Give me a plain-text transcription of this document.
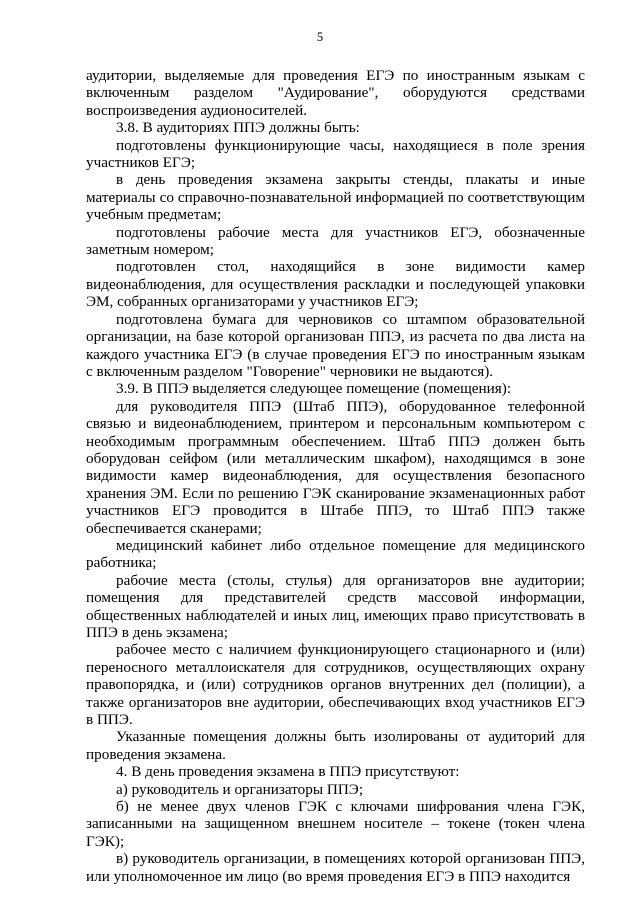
5

аудитории, выделяемые для проведения ЕГЭ по иностранным языкам с включенным разделом "Аудирование", оборудуются средствами воспроизведения аудионосителей.

3.8. В аудиториях ППЭ должны быть:

подготовлены функционирующие часы, находящиеся в поле зрения участников ЕГЭ;

в день проведения экзамена закрыты стенды, плакаты и иные материалы со справочно-познавательной информацией по соответствующим учебным предметам;

подготовлены рабочие места для участников ЕГЭ, обозначенные заметным номером;

подготовлен стол, находящийся в зоне видимости камер видеонаблюдения, для осуществления раскладки и последующей упаковки ЭМ, собранных организаторами у участников ЕГЭ;

подготовлена бумага для черновиков со штампом образовательной организации, на базе которой организован ППЭ, из расчета по два листа на каждого участника ЕГЭ (в случае проведения ЕГЭ по иностранным языкам с включенным разделом "Говорение" черновики не выдаются).

3.9. В ППЭ выделяется следующее помещение (помещения):

для руководителя ППЭ (Штаб ППЭ), оборудованное телефонной связью и видеонаблюдением, принтером и персональным компьютером с необходимым программным обеспечением. Штаб ППЭ должен быть оборудован сейфом (или металлическим шкафом), находящимся в зоне видимости камер видеонаблюдения, для осуществления безопасного хранения ЭМ. Если по решению ГЭК сканирование экзаменационных работ участников ЕГЭ проводится в Штабе ППЭ, то Штаб ППЭ также обеспечивается сканерами;

медицинский кабинет либо отдельное помещение для медицинского работника;

рабочие места (столы, стулья) для организаторов вне аудитории; помещения для представителей средств массовой информации, общественных наблюдателей и иных лиц, имеющих право присутствовать в ППЭ в день экзамена;

рабочее место с наличием функционирующего стационарного и (или) переносного металлоискателя для сотрудников, осуществляющих охрану правопорядка, и (или) сотрудников органов внутренних дел (полиции), а также организаторов вне аудитории, обеспечивающих вход участников ЕГЭ в ППЭ.

Указанные помещения должны быть изолированы от аудиторий для проведения экзамена.

4. В день проведения экзамена в ППЭ присутствуют:

а) руководитель и организаторы ППЭ;

б) не менее двух членов ГЭК с ключами шифрования члена ГЭК, записанными на защищенном внешнем носителе – токене (токен члена ГЭК);

в) руководитель организации, в помещениях которой организован ППЭ, или уполномоченное им лицо (во время проведения ЕГЭ в ППЭ находится
